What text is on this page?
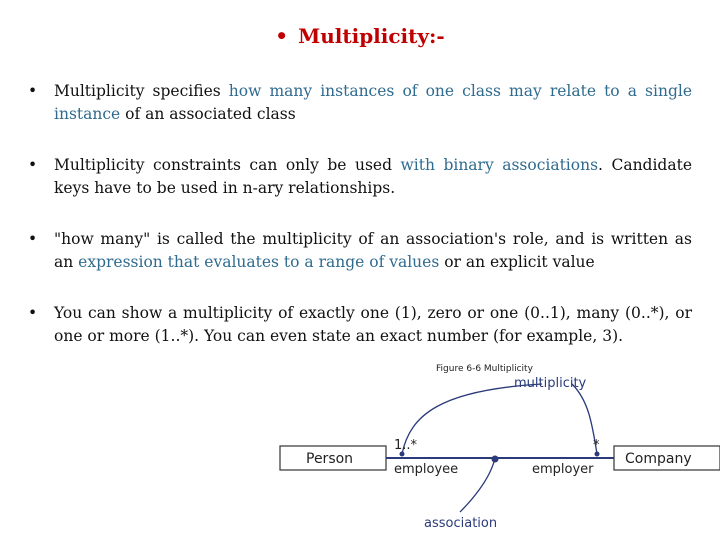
• Multiplicity:-
• Multiplicity specifies how many instances of one class may relate to a single instance of an associated class
• Multiplicity constraints can only be used with binary associations. Candidate keys have to be used in n-ary relationships.
• "how many" is called the multiplicity of an association's role, and is written as an expression that evaluates to a range of values or an explicit value
• You can show a multiplicity of exactly one (1), zero or one (0..1), many (0..*), or one or more (1..*). You can even state an exact number (for example, 3).
Figure 6-6 Multiplicity
multiplicity
Person	Company
1..*	*
employee	employer
association
